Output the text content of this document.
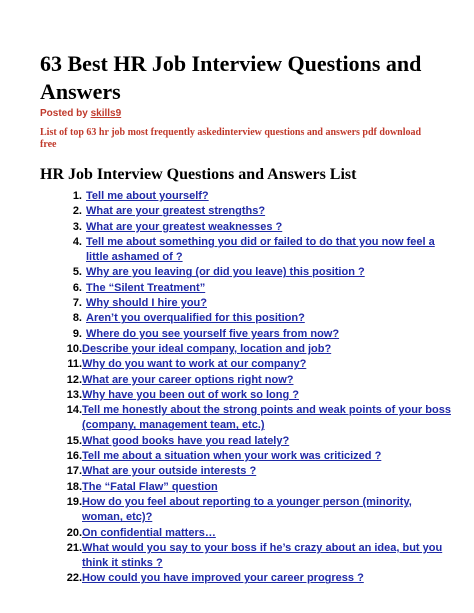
63 Best HR Job Interview Questions and Answers
Posted by skills9
List of top 63 hr job most frequently askedinterview questions and answers pdf download free
HR Job Interview Questions and Answers List
1. Tell me about yourself?
2. What are your greatest strengths?
3. What are your greatest weaknesses ?
4. Tell me about something you did or failed to do that you now feel a little ashamed of ?
5. Why are you leaving (or did you leave) this position ?
6. The “Silent Treatment”
7. Why should I hire you?
8. Aren’t you overqualified for this position?
9. Where do you see yourself five years from now?
10. Describe your ideal company, location and job?
11. Why do you want to work at our company?
12. What are your career options right now?
13. Why have you been out of work so long ?
14. Tell me honestly about the strong points and weak points of your boss (company, management team, etc.)
15. What good books have you read lately?
16. Tell me about a situation when your work was criticized ?
17. What are your outside interests ?
18. The “Fatal Flaw” question
19. How do you feel about reporting to a younger person (minority, woman, etc)?
20. On confidential matters…
21. What would you say to your boss if he’s crazy about an idea, but you think it stinks ?
22. How could you have improved your career progress ?
